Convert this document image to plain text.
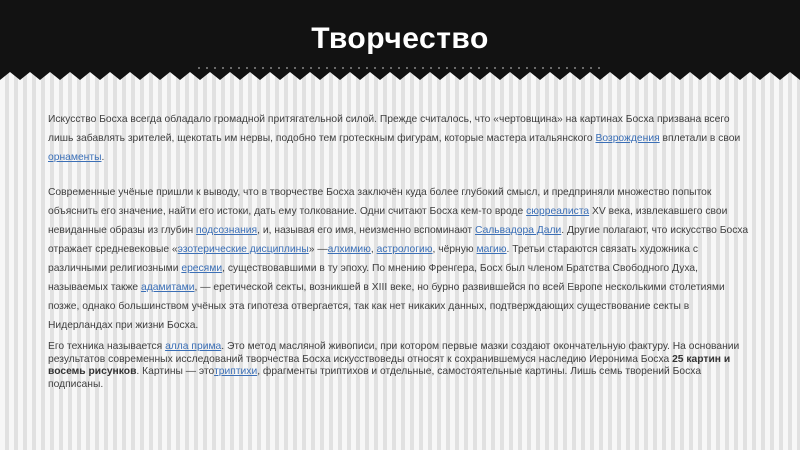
Творчество

Искусство Босха всегда обладало громадной притягательной силой. Прежде считалось, что «чертовщина» на картинах Босха призвана всего лишь забавлять зрителей, щекотать им нервы, подобно тем гротескным фигурам, которые мастера итальянского Возрождения вплетали в свои орнаменты.

Современные учёные пришли к выводу, что в творчестве Босха заключён куда более глубокий смысл, и предприняли множество попыток объяснить его значение, найти его истоки, дать ему толкование. Одни считают Босха кем-то вроде сюрреалиста XV века, извлекавшего свои невиданные образы из глубин подсознания, и, называя его имя, неизменно вспоминают Сальвадора Дали. Другие полагают, что искусство Босха отражает средневековые «эзотерические дисциплины» —алхимию, астрологию, чёрную магию. Третьи стараются связать художника с различными религиозными ересями, существовавшими в ту эпоху. По мнению Френгера, Босх был членом Братства Свободного Духа, называемых также адамитами, — еретической секты, возникшей в XIII веке, но бурно развившейся по всей Европе несколькими столетиями позже, однако большинством учёных эта гипотеза отвергается, так как нет никаких данных, подтверждающих существование секты в Нидерландах при жизни Босха.

Его техника называется алла прима. Это метод масляной живописи, при котором первые мазки создают окончательную фактуру. На основании результатов современных исследований творчества Босха искусствоведы относят к сохранившемуся наследию Иеронима Босха 25 картин и восемь рисунков. Картины — этотриптихи, фрагменты триптихов и отдельные, самостоятельные картины. Лишь семь творений Босха подписаны.
